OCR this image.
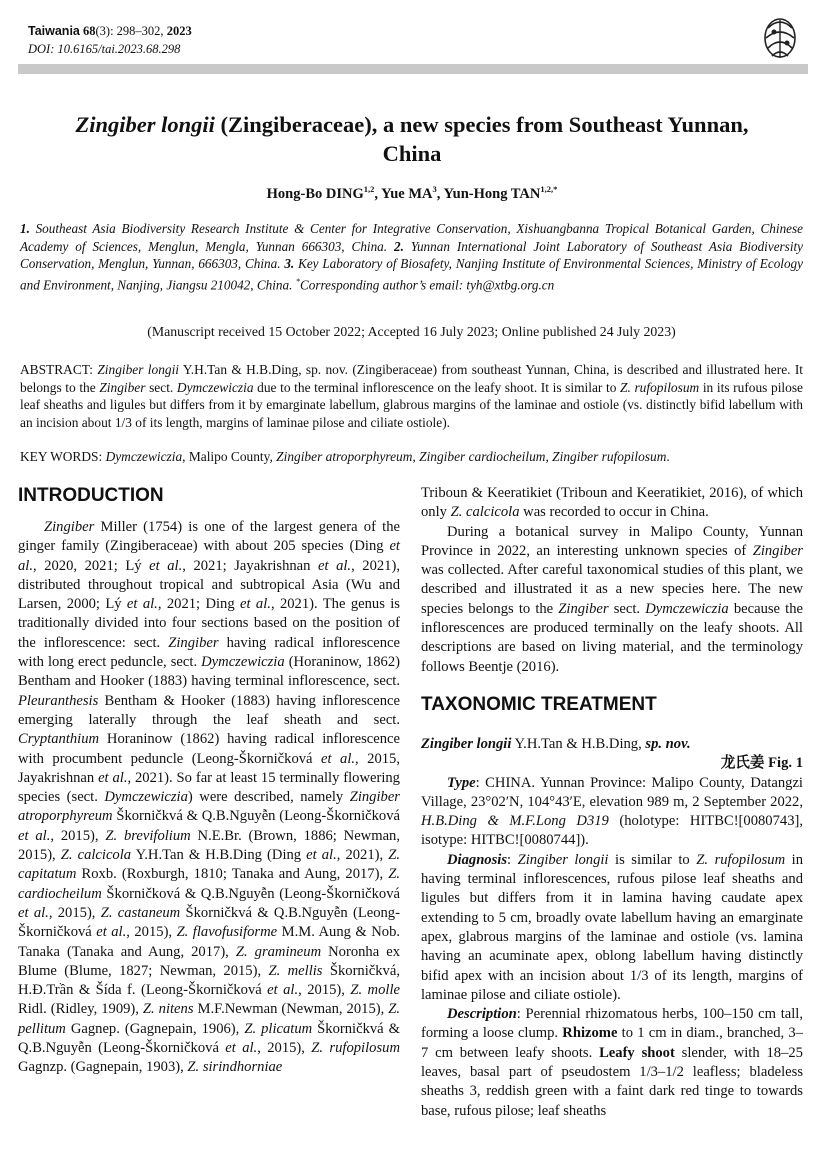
Taiwania 68(3): 298–302, 2023
DOI: 10.6165/tai.2023.68.298
Zingiber longii (Zingiberaceae), a new species from Southeast Yunnan,
China
Hong-Bo DING$^{1,2}$, Yue $MA^3$, Yun-Hong $TAN^{1,2,*}$
1. Southeast Asia Biodiversity Research Institute & Center for Integrative Conservation, Xishuangbanna Tropical Botanical Garden, Chinese Academy of Sciences, Menglun, Mengla, Yunnan 666303, China. 2. Yunnan International Joint Laboratory of Southeast Asia Biodiversity Conservation, Menglun, Yunnan, 666303, China. 3. Key Laboratory of Biosafety, Nanjing Institute of Environmental Sciences, Ministry of Ecology and Environment, Nanjing, Jiangsu 210042, China. *Corresponding author’s email: tyh@xtbg.org.cn
(Manuscript received 15 October 2022; Accepted 16 July 2023; Online published 24 July 2023)
ABSTRACT: Zingiber longii Y.H.Tan & H.B.Ding, sp. nov. (Zingiberaceae) from southeast Yunnan, China, is described and illustrated here. It belongs to the Zingiber sect. Dymczewiczia due to the terminal inflorescence on the leafy shoot. It is similar to Z. rufopilosum in its rufous pilose leaf sheaths and ligules but differs from it by emarginate labellum, glabrous margins of the laminae and ostiole (vs. distinctly bifid labellum with an incision about 1/3 of its length, margins of laminae pilose and ciliate ostiole).
KEY WORDS: Dymczewiczia, Malipo County, Zingiber atroporphyreum, Zingiber cardiocheilum, Zingiber rufopilosum.
INTRODUCTION

Zingiber Miller (1754) is one of the largest genera of the ginger family (Zingiberaceae) with about 205 species (Ding et al., 2020, 2021; Lý et al., 2021; Jayakrishnan et al., 2021), distributed throughout tropical and subtropical Asia (Wu and Larsen, 2000; Lý et al., 2021; Ding et al., 2021). The genus is traditionally divided into four sections based on the position of the inflorescence: sect. Zingiber having radical inflorescence with long erect peduncle, sect. Dymczewiczia (Horaninow, 1862) Bentham and Hooker (1883) having terminal inflorescence, sect. Pleuranthesis Bentham & Hooker (1883) having inflorescence emerging laterally through the leaf sheath and sect. Cryptanthium Horaninow (1862) having radical inflorescence with procumbent peduncle (Leong-Škorničková et al., 2015, Jayakrishnan et al., 2021). So far at least 15 terminally flowering species (sect. Dymczewiczia) were described, namely Zingiber atroporphyreum Škorničkvá & Q.B.Nguyễn (Leong-Škorničková et al., 2015), Z. brevifolium N.E.Br. (Brown, 1886; Newman, 2015), Z. calcicola Y.H.Tan & H.B.Ding (Ding et al., 2021), Z. capitatum Roxb. (Roxburgh, 1810; Tanaka and Aung, 2017), Z. cardiocheilum Škorničková & Q.B.Nguyễn (Leong-Škorničková et al., 2015), Z. castaneum Škorničkvá & Q.B.Nguyễn (Leong-Škorničková et al., 2015), Z. flavofusiforme M.M. Aung & Nob. Tanaka (Tanaka and Aung, 2017), Z. gramineum Noronha ex Blume (Blume, 1827; Newman, 2015), Z. mellis Škorničkvá, H.Đ.Trần & Šída f. (Leong-Škorničková et al., 2015), Z. molle Ridl. (Ridley, 1909), Z. nitens M.F.Newman (Newman, 2015), Z. pellitum Gagnep. (Gagnepain, 1906), Z. plicatum Škorničkvá & Q.B.Nguyễn (Leong-Škorničková et al., 2015), Z. rufopilosum Gagnzp. (Gagnepain, 1903), Z. sirindhorniae

Triboun & Keeratikiet (Triboun and Keeratikiet, 2016), of which only Z. calcicola was recorded to occur in China.

During a botanical survey in Malipo County, Yunnan Province in 2022, an interesting unknown species of Zingiber was collected. After careful taxonomical studies of this plant, we described and illustrated it as a new species here. The new species belongs to the Zingiber sect. Dymczewiczia because the inflorescences are produced terminally on the leafy shoots. All descriptions are based on living material, and the terminology follows Beentje (2016).

TAXONOMIC TREATMENT

Zingiber longii Y.H.Tan & H.B.Ding, sp. nov.

龙氏姜 Fig. 1

Type: CHINA. Yunnan Province: Malipo County, Datangzi Village, 23°02′N, 104°43′E, elevation 989 m, 2 September 2022, H.B.Ding & M.F.Long D319 (holotype: HITBC![0080743], isotype: HITBC![0080744]).

Diagnosis: Zingiber longii is similar to Z. rufopilosum in having terminal inflorescences, rufous pilose leaf sheaths and ligules but differs from it in lamina having caudate apex extending to 5 cm, broadly ovate labellum having an emarginate apex, glabrous margins of the laminae and ostiole (vs. lamina having an acuminate apex, oblong labellum having distinctly bifid apex with an incision about 1/3 of its length, margins of laminae pilose and ciliate ostiole).

Description: Perennial rhizomatous herbs, 100–150 cm tall, forming a loose clump. Rhizome to 1 cm in diam., branched, 3–7 cm between leafy shoots. Leafy shoot slender, with 18–25 leaves, basal part of pseudostem 1/3–1/2 leafless; bladeless sheaths 3, reddish green with a faint dark red tinge to towards base, rufous pilose; leaf sheaths
